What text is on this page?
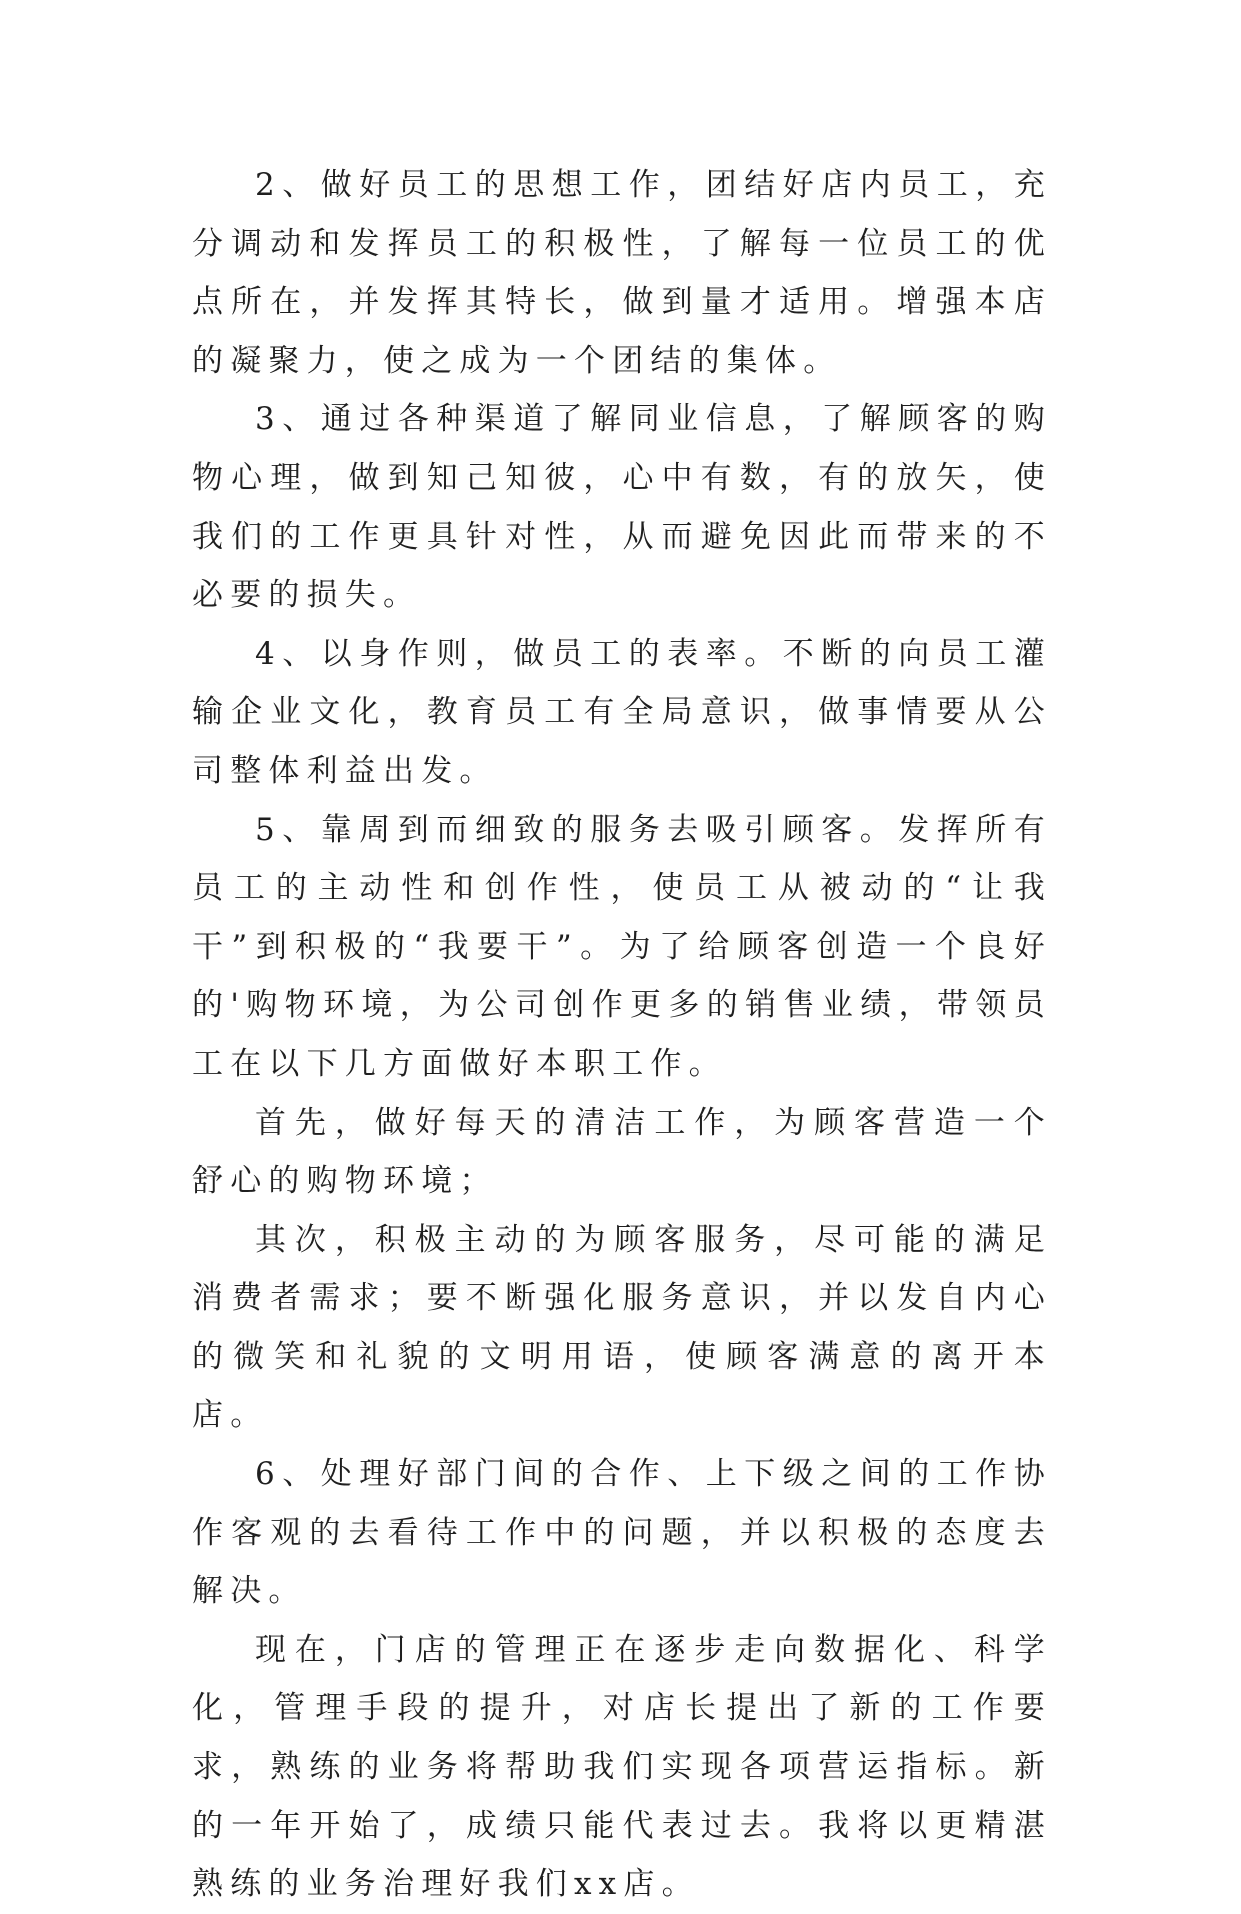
2、做好员工的思想工作，团结好店内员工，充分调动和发挥员工的积极性，了解每一位员工的优点所在，并发挥其特长，做到量才适用。增强本店的凝聚力，使之成为一个团结的集体。

3、通过各种渠道了解同业信息，了解顾客的购物心理，做到知己知彼，心中有数，有的放矢，使我们的工作更具针对性，从而避免因此而带来的不必要的损失。

4、以身作则，做员工的表率。不断的向员工灌输企业文化，教育员工有全局意识，做事情要从公司整体利益出发。

5、靠周到而细致的服务去吸引顾客。发挥所有员工的主动性和创作性，使员工从被动的“让我干”到积极的“我要干”。为了给顾客创造一个良好的'购物环境，为公司创作更多的销售业绩，带领员工在以下几方面做好本职工作。

首先，做好每天的清洁工作，为顾客营造一个舒心的购物环境；

其次，积极主动的为顾客服务，尽可能的满足消费者需求；要不断强化服务意识，并以发自内心的微笑和礼貌的文明用语，使顾客满意的离开本店。

6、处理好部门间的合作、上下级之间的工作协作客观的去看待工作中的问题，并以积极的态度去解决。

现在，门店的管理正在逐步走向数据化、科学化，管理手段的提升，对店长提出了新的工作要求，熟练的业务将帮助我们实现各项营运指标。新的一年开始了，成绩只能代表过去。我将以更精湛熟练的业务治理好我们xx店。
